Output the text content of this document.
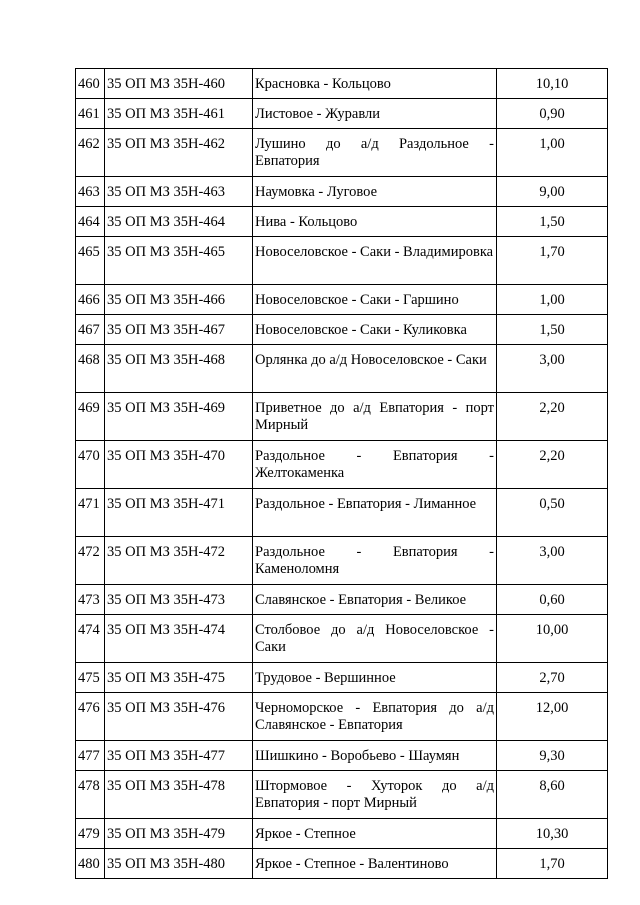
460	35 ОП МЗ 35Н-460	Красновка - Кольцово	10,10
461	35 ОП МЗ 35Н-461	Листовое - Журавли	0,90
462	35 ОП МЗ 35Н-462	Лушино до а/д Раздольное - Евпатория	1,00
463	35 ОП МЗ 35Н-463	Наумовка - Луговое	9,00
464	35 ОП МЗ 35Н-464	Нива - Кольцово	1,50
465	35 ОП МЗ 35Н-465	Новоселовское - Саки - Владимировка	1,70
466	35 ОП МЗ 35Н-466	Новоселовское - Саки - Гаршино	1,00
467	35 ОП МЗ 35Н-467	Новоселовское - Саки - Куликовка	1,50
468	35 ОП МЗ 35Н-468	Орлянка до а/д Новоселовское - Саки	3,00
469	35 ОП МЗ 35Н-469	Приветное до а/д Евпатория - порт Мирный	2,20
470	35 ОП МЗ 35Н-470	Раздольное - Евпатория - Желтокаменка	2,20
471	35 ОП МЗ 35Н-471	Раздольное - Евпатория - Лиманное	0,50
472	35 ОП МЗ 35Н-472	Раздольное - Евпатория - Каменоломня	3,00
473	35 ОП МЗ 35Н-473	Славянское - Евпатория - Великое	0,60
474	35 ОП МЗ 35Н-474	Столбовое до а/д Новоселовское - Саки	10,00
475	35 ОП МЗ 35Н-475	Трудовое - Вершинное	2,70
476	35 ОП МЗ 35Н-476	Черноморское - Евпатория до а/д Славянское - Евпатория	12,00
477	35 ОП МЗ 35Н-477	Шишкино - Воробьево - Шаумян	9,30
478	35 ОП МЗ 35Н-478	Штормовое - Хуторок до а/д Евпатория - порт Мирный	8,60
479	35 ОП МЗ 35Н-479	Яркое - Степное	10,30
480	35 ОП МЗ 35Н-480	Яркое - Степное - Валентиново	1,70
